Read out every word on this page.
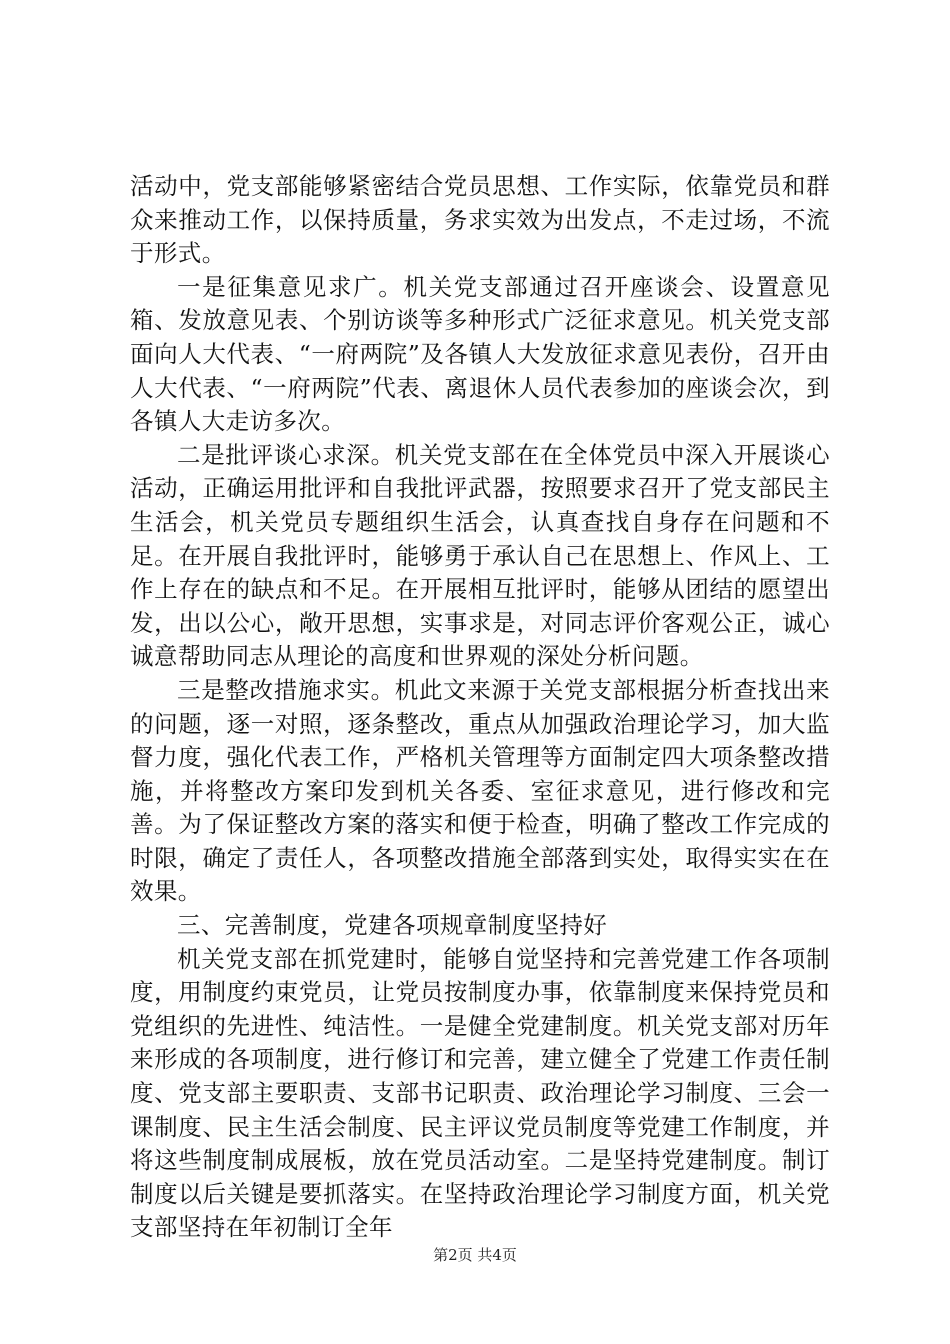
活动中，党支部能够紧密结合党员思想、工作实际，依靠党员和群众来推动工作，以保持质量，务求实效为出发点，不走过场，不流于形式。

一是征集意见求广。机关党支部通过召开座谈会、设置意见箱、发放意见表、个别访谈等多种形式广泛征求意见。机关党支部面向人大代表、“一府两院”及各镇人大发放征求意见表份，召开由人大代表、“一府两院”代表、离退休人员代表参加的座谈会次，到各镇人大走访多次。

二是批评谈心求深。机关党支部在在全体党员中深入开展谈心活动，正确运用批评和自我批评武器，按照要求召开了党支部民主生活会，机关党员专题组织生活会，认真查找自身存在问题和不足。在开展自我批评时，能够勇于承认自己在思想上、作风上、工作上存在的缺点和不足。在开展相互批评时，能够从团结的愿望出发，出以公心，敞开思想，实事求是，对同志评价客观公正，诚心诚意帮助同志从理论的高度和世界观的深处分析问题。

三是整改措施求实。机此文来源于关党支部根据分析查找出来的问题，逐一对照，逐条整改，重点从加强政治理论学习，加大监督力度，强化代表工作，严格机关管理等方面制定四大项条整改措施，并将整改方案印发到机关各委、室征求意见，进行修改和完善。为了保证整改方案的落实和便于检查，明确了整改工作完成的时限，确定了责任人，各项整改措施全部落到实处，取得实实在在效果。

三、完善制度，党建各项规章制度坚持好

机关党支部在抓党建时，能够自觉坚持和完善党建工作各项制度，用制度约束党员，让党员按制度办事，依靠制度来保持党员和党组织的先进性、纯洁性。一是健全党建制度。机关党支部对历年来形成的各项制度，进行修订和完善，建立健全了党建工作责任制度、党支部主要职责、支部书记职责、政治理论学习制度、三会一课制度、民主生活会制度、民主评议党员制度等党建工作制度，并将这些制度制成展板，放在党员活动室。二是坚持党建制度。制订制度以后关键是要抓落实。在坚持政治理论学习制度方面，机关党支部坚持在年初制订全年

第2页 共4页
